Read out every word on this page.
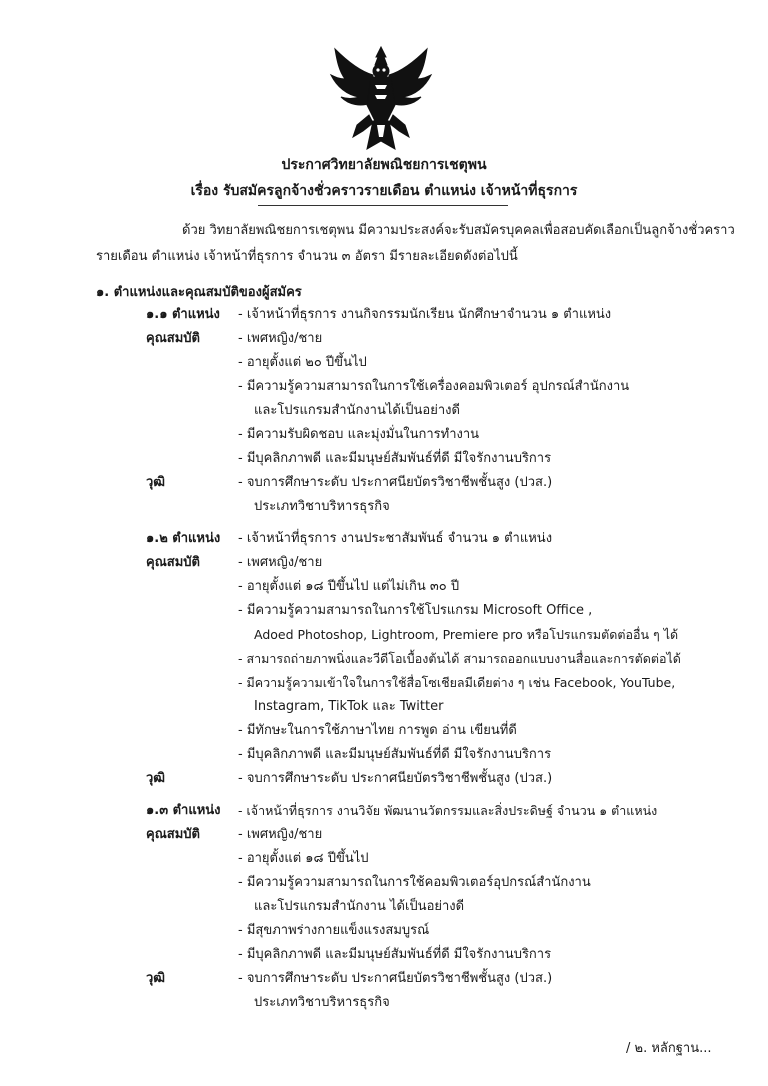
ประกาศวิทยาลัยพณิชยการเชตุพน
เรื่อง รับสมัครลูกจ้างชั่วคราวรายเดือน ตำแหน่ง เจ้าหน้าที่ธุรการ
ด้วย วิทยาลัยพณิชยการเชตุพน มีความประสงค์จะรับสมัครบุคคลเพื่อสอบคัดเลือกเป็นลูกจ้างชั่วคราว
รายเดือน ตำแหน่ง เจ้าหน้าที่ธุรการ จำนวน ๓ อัตรา มีรายละเอียดดังต่อไปนี้
๑. ตำแหน่งและคุณสมบัติของผู้สมัคร
๑.๑ ตำแหน่ง - เจ้าหน้าที่ธุรการ งานกิจกรรมนักเรียน นักศึกษาจำนวน ๑ ตำแหน่ง
คุณสมบัติ	- เพศหญิง/ชาย
- อายุตั้งแต่ ๒๐ ปีขึ้นไป
- มีความรู้ความสามารถในการใช้เครื่องคอมพิวเตอร์ อุปกรณ์สำนักงาน
และโปรแกรมสำนักงานได้เป็นอย่างดี
- มีความรับผิดชอบ และมุ่งมั่นในการทำงาน
- มีบุคลิกภาพดี และมีมนุษย์สัมพันธ์ที่ดี มีใจรักงานบริการ
วุฒิ	- จบการศึกษาระดับ ประกาศนียบัตรวิชาชีพชั้นสูง (ปวส.)
ประเภทวิชาบริหารธุรกิจ
๑.๒ ตำแหน่ง - เจ้าหน้าที่ธุรการ งานประชาสัมพันธ์ จำนวน ๑ ตำแหน่ง
คุณสมบัติ	- เพศหญิง/ชาย
- อายุตั้งแต่ ๑๘ ปีขึ้นไป แต่ไม่เกิน ๓๐ ปี
- มีความรู้ความสามารถในการใช้โปรแกรม Microsoft Office ,
Adoed Photoshop, Lightroom, Premiere pro หรือโปรแกรมตัดต่ออื่น ๆ ได้
- สามารถถ่ายภาพนิ่งและวีดีโอเบื้องต้นได้ สามารถออกแบบงานสื่อและการตัดต่อได้
- มีความรู้ความเข้าใจในการใช้สื่อโซเชียลมีเดียต่าง ๆ เช่น Facebook, YouTube,
Instagram, TikTok และ Twitter
- มีทักษะในการใช้ภาษาไทย การพูด อ่าน เขียนที่ดี
- มีบุคลิกภาพดี และมีมนุษย์สัมพันธ์ที่ดี มีใจรักงานบริการ
วุฒิ	- จบการศึกษาระดับ ประกาศนียบัตรวิชาชีพชั้นสูง (ปวส.)
๑.๓ ตำแหน่ง - เจ้าหน้าที่ธุรการ งานวิจัย พัฒนานวัตกรรมและสิ่งประดิษฐ์ จำนวน ๑ ตำแหน่ง
คุณสมบัติ	- เพศหญิง/ชาย
- อายุตั้งแต่ ๑๘ ปีขึ้นไป
- มีความรู้ความสามารถในการใช้คอมพิวเตอร์อุปกรณ์สำนักงาน
และโปรแกรมสำนักงาน ได้เป็นอย่างดี
- มีสุขภาพร่างกายแข็งแรงสมบูรณ์
- มีบุคลิกภาพดี และมีมนุษย์สัมพันธ์ที่ดี มีใจรักงานบริการ
วุฒิ	- จบการศึกษาระดับ ประกาศนียบัตรวิชาชีพชั้นสูง (ปวส.)
ประเภทวิชาบริหารธุรกิจ
/ ๒. หลักฐาน...
